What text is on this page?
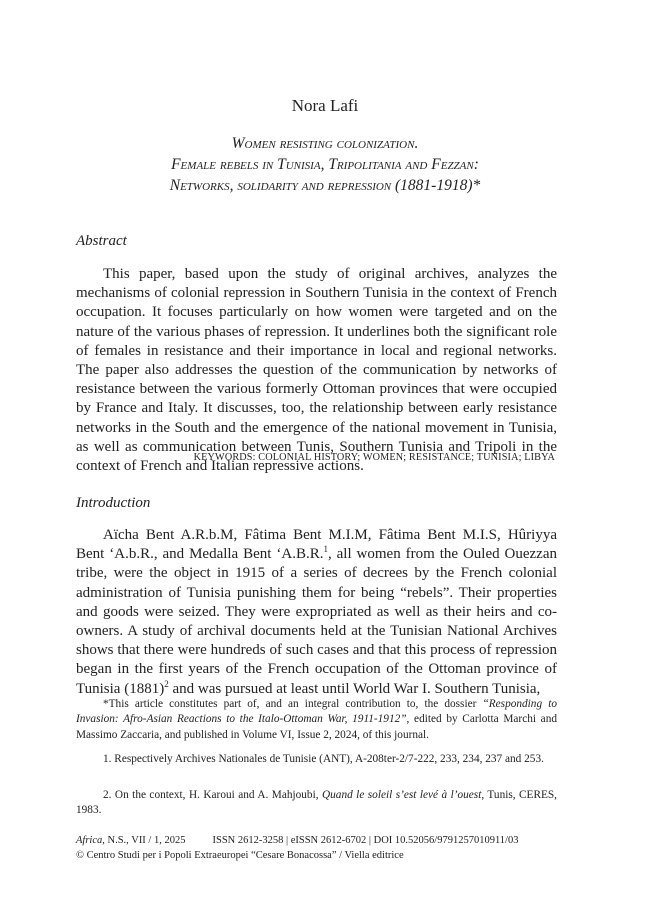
Nora Lafi
Women resisting colonization.
Female rebels in Tunisia, Tripolitania and Fezzan:
Networks, solidarity and repression (1881-1918)*
Abstract
This paper, based upon the study of original archives, analyzes the mechanisms of colonial repression in Southern Tunisia in the context of French occupation. It focuses particularly on how women were targeted and on the nature of the various phases of repression. It underlines both the significant role of females in resistance and their importance in local and regional networks. The paper also addresses the question of the communication by networks of resistance between the various formerly Ottoman provinces that were occupied by France and Italy. It discusses, too, the relationship between early resistance networks in the South and the emergence of the national movement in Tunisia, as well as communication between Tunis, Southern Tunisia and Tripoli in the context of French and Italian repressive actions.
KEYWORDS: COLONIAL HISTORY; WOMEN; RESISTANCE; TUNISIA; LIBYA
Introduction
Aïcha Bent A.R.b.M, Fâtima Bent M.I.M, Fâtima Bent M.I.S, Hûriyya Bent ‘A.b.R., and Medalla Bent ‘A.B.R.$^1$, all women from the Ouled Ouezzan tribe, were the object in 1915 of a series of decrees by the French colonial administration of Tunisia punishing them for being “rebels”. Their properties and goods were seized. They were expropriated as well as their heirs and co-owners. A study of archival documents held at the Tunisian National Archives shows that there were hundreds of such cases and that this process of repression began in the first years of the French occupation of the Ottoman province of Tunisia $(1881)^2$ and was pursued at least until World War I. Southern Tunisia,
*This article constitutes part of, and an integral contribution to, the dossier “Responding to Invasion: Afro-Asian Reactions to the Italo-Ottoman War, 1911-1912”, edited by Carlotta Marchi and Massimo Zaccaria, and published in Volume VI, Issue 2, 2024, of this journal.
1. Respectively Archives Nationales de Tunisie (ANT), A-208ter-2/7-222, 233, 234, 237 and 253.
2. On the context, H. Karoui and A. Mahjoubi, Quand le soleil s’est levé à l’ouest, Tunis, CERES, 1983.
Africa, N.S., VII / 1, 2025	ISSN 2612-3258 | eISSN 2612-6702 | DOI 10.52056/9791257010911/03
© Centro Studi per i Popoli Extraeuropei “Cesare Bonacossa” / Viella editrice
